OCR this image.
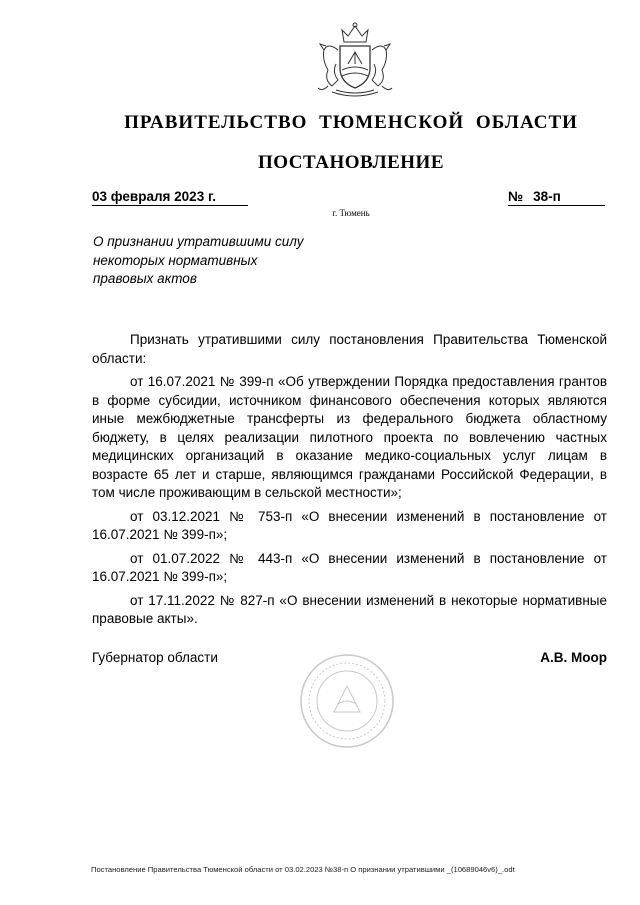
ПРАВИТЕЛЬСТВО ТЮМЕНСКОЙ ОБЛАСТИ
ПОСТАНОВЛЕНИЕ
03 февраля 2023 г.	№ 38-п
г. Тюмень
О признании утратившими силу
некоторых нормативных
правовых актов

Признать утратившими силу постановления Правительства Тюменской области:

от 16.07.2021 № 399-п «Об утверждении Порядка предоставления грантов в форме субсидии, источником финансового обеспечения которых являются иные межбюджетные трансферты из федерального бюджета областному бюджету, в целях реализации пилотного проекта по вовлечению частных медицинских организаций в оказание медико-социальных услуг лицам в возрасте 65 лет и старше, являющимся гражданами Российской Федерации, в том числе проживающим в сельской местности»;

от 03.12.2021 № 753-п «О внесении изменений в постановление от 16.07.2021 № 399-п»;

от 01.07.2022 № 443-п «О внесении изменений в постановление от 16.07.2021 № 399-п»;

от 17.11.2022 № 827-п «О внесении изменений в некоторые нормативные правовые акты».

Губернатор области	А.В. Моор
Постановление Правительства Тюменской области от 03.02.2023 №38-п О признании утратившими _(10689046v6)_.odt
